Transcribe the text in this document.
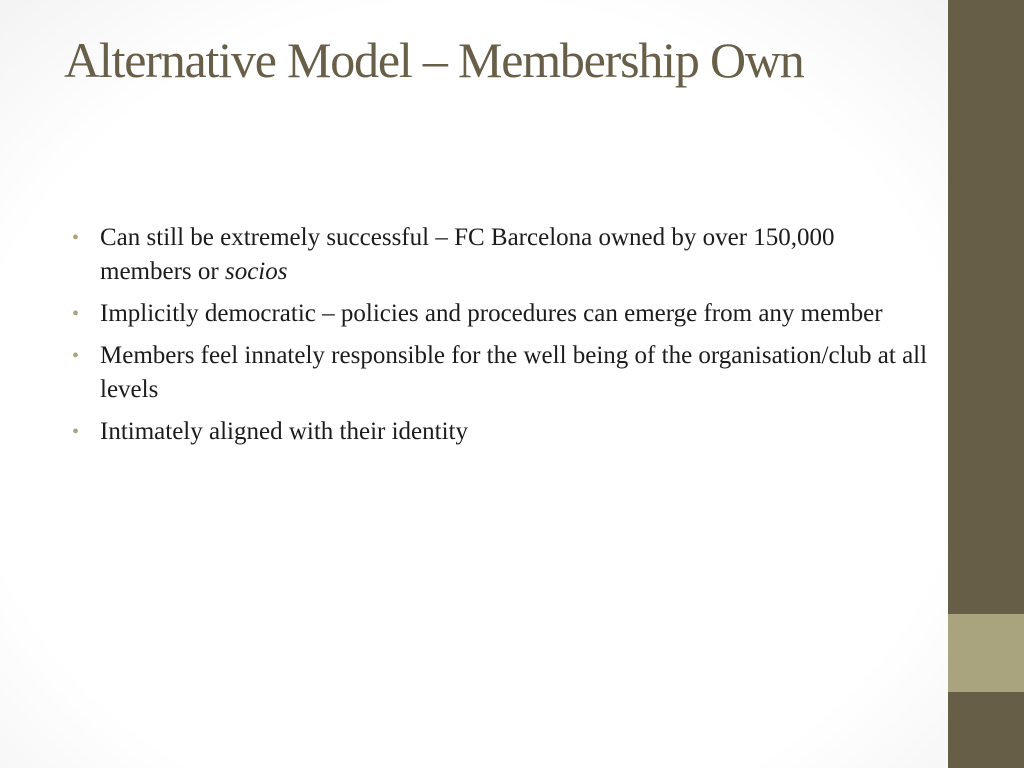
Alternative Model – Membership Own
• Can still be extremely successful – FC Barcelona owned by over 150,000 members or socios
• Implicitly democratic – policies and procedures can emerge from any member
• Members feel innately responsible for the well being of the organisation/club at all levels
• Intimately aligned with their identity
